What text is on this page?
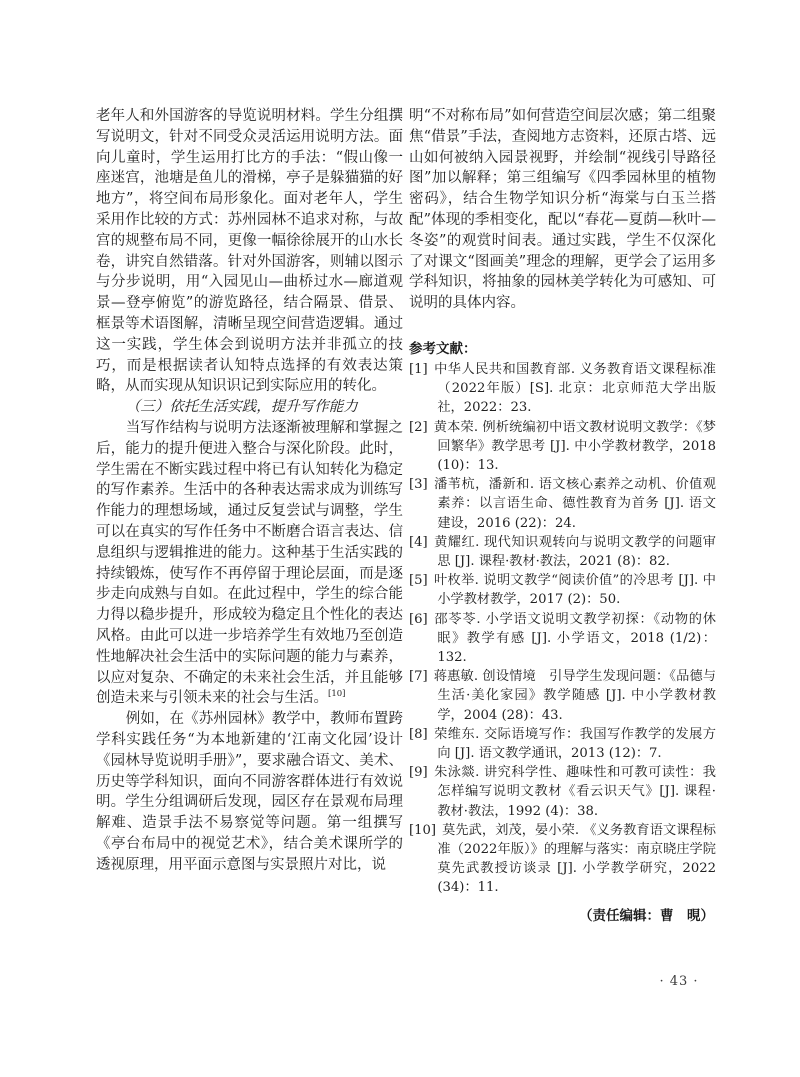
老年人和外国游客的导览说明材料。学生分组撰写说明文，针对不同受众灵活运用说明方法。面向儿童时，学生运用打比方的手法：“假山像一座迷宫，池塘是鱼儿的滑梯，亭子是躲猫猫的好地方”，将空间布局形象化。面对老年人，学生采用作比较的方式：苏州园林不追求对称，与故宫的规整布局不同，更像一幅徐徐展开的山水长卷，讲究自然错落。针对外国游客，则辅以图示与分步说明，用“入园见山—曲桥过水—廊道观景—登亭俯览”的游览路径，结合隔景、借景、框景等术语图解，清晰呈现空间营造逻辑。通过这一实践，学生体会到说明方法并非孤立的技巧，而是根据读者认知特点选择的有效表达策略，从而实现从知识识记到实际应用的转化。

（三）依托生活实践，提升写作能力

当写作结构与说明方法逐渐被理解和掌握之后，能力的提升便进入整合与深化阶段。此时，学生需在不断实践过程中将已有认知转化为稳定的写作素养。生活中的各种表达需求成为训练写作能力的理想场域，通过反复尝试与调整，学生可以在真实的写作任务中不断磨合语言表达、信息组织与逻辑推进的能力。这种基于生活实践的持续锻炼，使写作不再停留于理论层面，而是逐步走向成熟与自如。在此过程中，学生的综合能力得以稳步提升，形成较为稳定且个性化的表达风格。由此可以进一步培养学生有效地乃至创造性地解决社会生活中的实际问题的能力与素养，以应对复杂、不确定的未来社会生活，并且能够创造未来与引领未来的社会与生活。[10]

例如，在《苏州园林》教学中，教师布置跨学科实践任务“为本地新建的‘江南文化园’设计《园林导览说明手册》”，要求融合语文、美术、历史等学科知识，面向不同游客群体进行有效说明。学生分组调研后发现，园区存在景观布局理解难、造景手法不易察觉等问题。第一组撰写《亭台布局中的视觉艺术》，结合美术课所学的透视原理，用平面示意图与实景照片对比，说

明“不对称布局”如何营造空间层次感；第二组聚焦“借景”手法，查阅地方志资料，还原古塔、远山如何被纳入园景视野，并绘制“视线引导路径图”加以解释；第三组编写《四季园林里的植物密码》，结合生物学知识分析“海棠与白玉兰搭配”体现的季相变化，配以“春花—夏荫—秋叶—冬姿”的观赏时间表。通过实践，学生不仅深化了对课文“图画美”理念的理解，更学会了运用多学科知识，将抽象的园林美学转化为可感知、可说明的具体内容。

参考文献：
[1] 中华人民共和国教育部. 义务教育语文课程标准（2022年版）[S]. 北京：北京师范大学出版社，2022：23.
[2] 黄本荣. 例析统编初中语文教材说明文教学：《梦回繁华》教学思考 [J]. 中小学教材教学，2018 (10)：13.
[3] 潘苇杭，潘新和. 语文核心素养之动机、价值观素养：以言语生命、德性教育为首务 [J]. 语文建设，2016 (22)：24.
[4] 黄耀红. 现代知识观转向与说明文教学的问题审思 [J]. 课程·教材·教法，2021 (8)：82.
[5] 叶枚举. 说明文教学“阅读价值”的冷思考 [J]. 中小学教材教学，2017 (2)：50.
[6] 邵苓苓. 小学语文说明文教学初探：《动物的休眠》教学有感 [J]. 小学语文，2018 (1/2)：132.
[7] 蒋惠敏. 创设情境　引导学生发现问题：《品德与生活·美化家园》教学随感 [J]. 中小学教材教学，2004 (28)：43.
[8] 荣维东. 交际语境写作：我国写作教学的发展方向 [J]. 语文教学通讯，2013 (12)：7.
[9] 朱泳燚. 讲究科学性、趣味性和可教可读性：我怎样编写说明文教材《看云识天气》[J]. 课程·教材·教法，1992 (4)：38.
[10] 莫先武，刘茂，晏小荣. 《义务教育语文课程标准（2022年版）》的理解与落实：南京晓庄学院莫先武教授访谈录 [J]. 小学教学研究，2022 (34)：11.

（责任编辑：曹　晛）

· 43 ·
